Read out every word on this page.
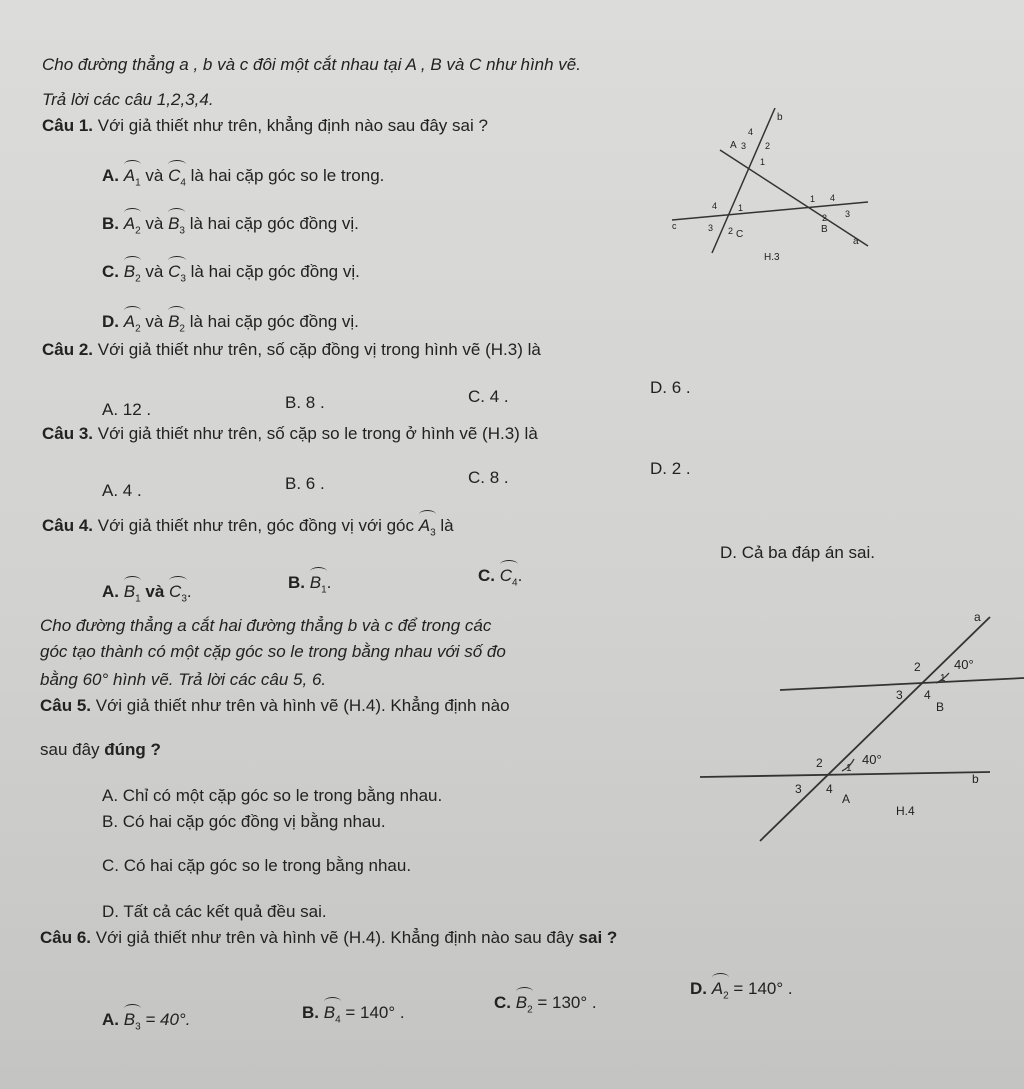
Cho đường thẳng a , b và c đôi một cắt nhau tại A , B và C như hình vẽ.
Trả lời các câu 1,2,3,4.
Câu 1. Với giả thiết như trên, khẳng định nào sau đây sai ?
A. $A_1$ và $C_4$ là hai cặp góc so le trong.
B. $A_2$ và $B_3$ là hai cặp góc đồng vị.
C. $B_2$ và $C_3$ là hai cặp góc đồng vị.
D. $A_2$ và $B_2$ là hai cặp góc đồng vị.
Câu 2. Với giả thiết như trên, số cặp đồng vị trong hình vẽ (H.3) là
A. 12 .	B. 8 .	C. 4 .	D. 6 .
Câu 3. Với giả thiết như trên, số cặp so le trong ở hình vẽ (H.3) là
A. 4 .	B. 6 .	C. 8 .	D. 2 .
Câu 4. Với giả thiết như trên, góc đồng vị với góc $A_3$ là
A. $B_1$ và $C_3$.	B. $B_1$.	C. $C_4$.
D. Cả ba đáp án sai.
Cho đường thẳng a cắt hai đường thẳng b và c để trong các
góc tạo thành có một cặp góc so le trong bằng nhau với số đo
bằng 60° hình vẽ. Trả lời các câu 5, 6.
Câu 5. Với giả thiết như trên và hình vẽ (H.4). Khẳng định nào
sau đây đúng ?
A. Chỉ có một cặp góc so le trong bằng nhau.
B. Có hai cặp góc đồng vị bằng nhau.
C. Có hai cặp góc so le trong bằng nhau.
D. Tất cả các kết quả đều sai.
Câu 6. Với giả thiết như trên và hình vẽ (H.4). Khẳng định nào sau đây sai ?
A. $B_3 = 40^\circ$.	B. $B_4 = 140^\circ$ .
C. $B_2 = 130^\circ$ .
D. $A_2 = 140^\circ$ .
b
a
c
A
B
C
4
3 2
1
1 4
2 3
4 1
3 2
H.3
a
b
B
A
2
1
3 4
40°
2 1
3 4
40°
H.4
